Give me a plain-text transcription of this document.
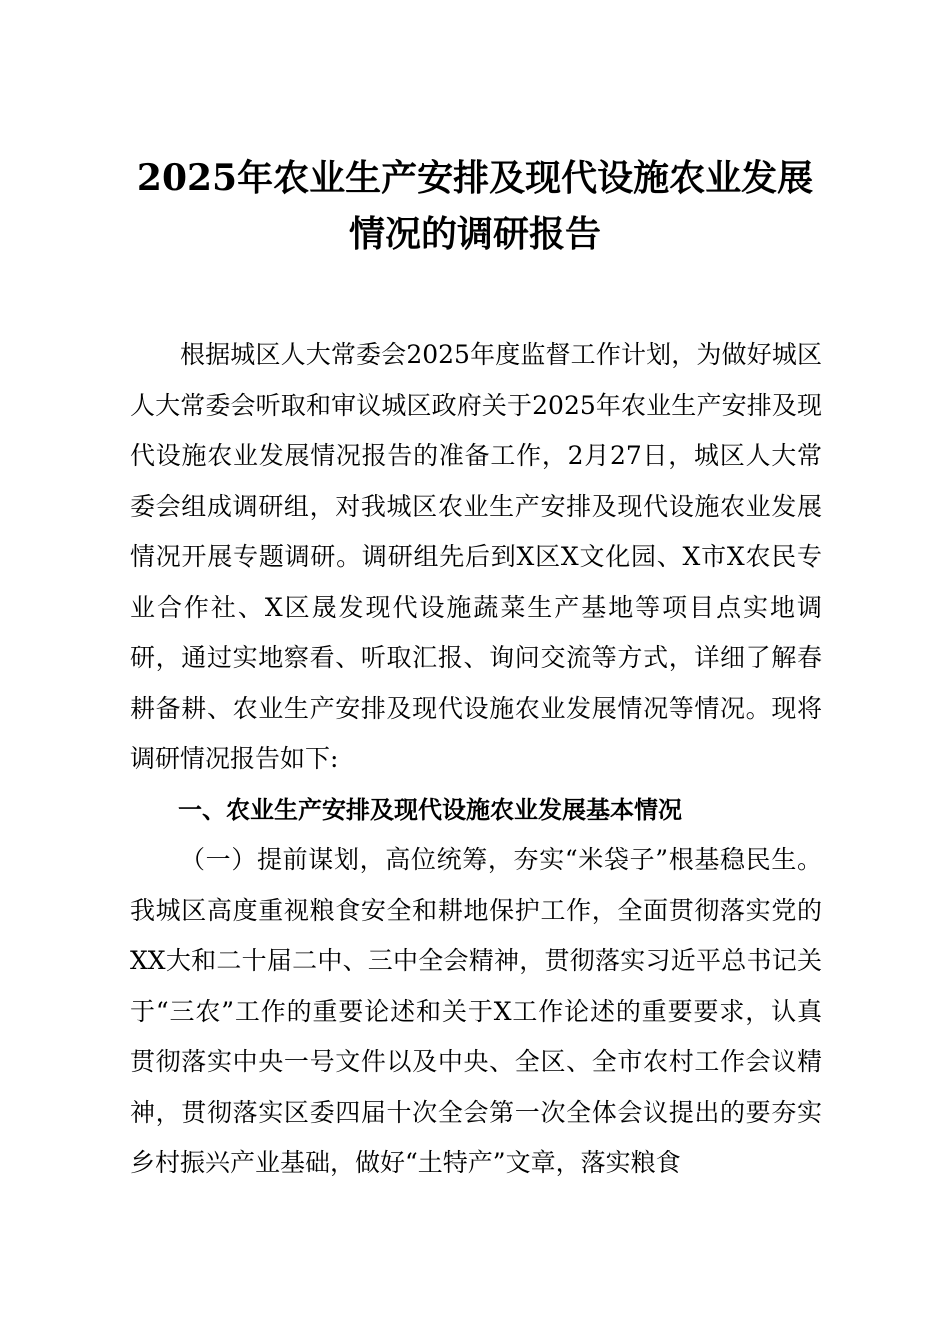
2025年农业生产安排及现代设施农业发展情况的调研报告

根据城区人大常委会2025年度监督工作计划，为做好城区人大常委会听取和审议城区政府关于2025年农业生产安排及现代设施农业发展情况报告的准备工作，2月27日，城区人大常委会组成调研组，对我城区农业生产安排及现代设施农业发展情况开展专题调研。调研组先后到X区X文化园、X市X农民专业合作社、X区晟发现代设施蔬菜生产基地等项目点实地调研，通过实地察看、听取汇报、询问交流等方式，详细了解春耕备耕、农业生产安排及现代设施农业发展情况等情况。现将调研情况报告如下:

一、农业生产安排及现代设施农业发展基本情况

（一）提前谋划，高位统筹，夯实“米袋子”根基稳民生。我城区高度重视粮食安全和耕地保护工作，全面贯彻落实党的XX大和二十届二中、三中全会精神，贯彻落实习近平总书记关于“三农”工作的重要论述和关于X工作论述的重要要求，认真贯彻落实中央一号文件以及中央、全区、全市农村工作会议精神，贯彻落实区委四届十次全会第一次全体会议提出的要夯实乡村振兴产业基础，做好“土特产”文章，落实粮食
